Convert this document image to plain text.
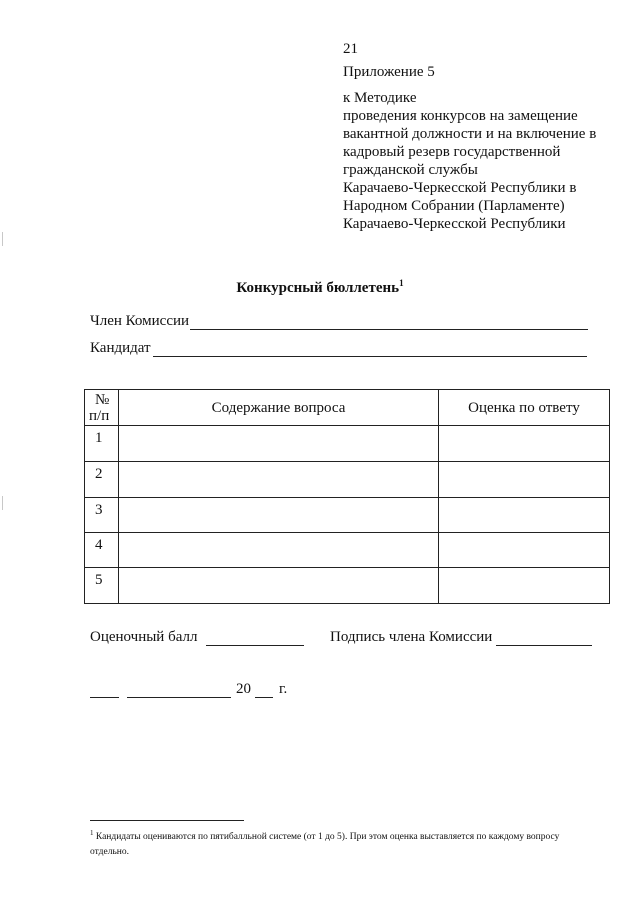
21
Приложение 5
к Методике
проведения конкурсов на замещение
вакантной должности и на включение в
кадровый резерв государственной
гражданской службы
Карачаево-Черкесской Республики в
Народном Собрании (Парламенте)
Карачаево-Черкесской Республики
Конкурсный бюллетень$^1$
Член Комиссии
Кандидат
№
п/п	Содержание вопроса	Оценка по ответу
1		
2		
3		
4		
5		
Оценочный балл	Подпись члена Комиссии
20 г.
$^1$ Кандидаты оцениваются по пятибалльной системе (от 1 до 5). При этом оценка выставляется по каждому вопросу отдельно.
